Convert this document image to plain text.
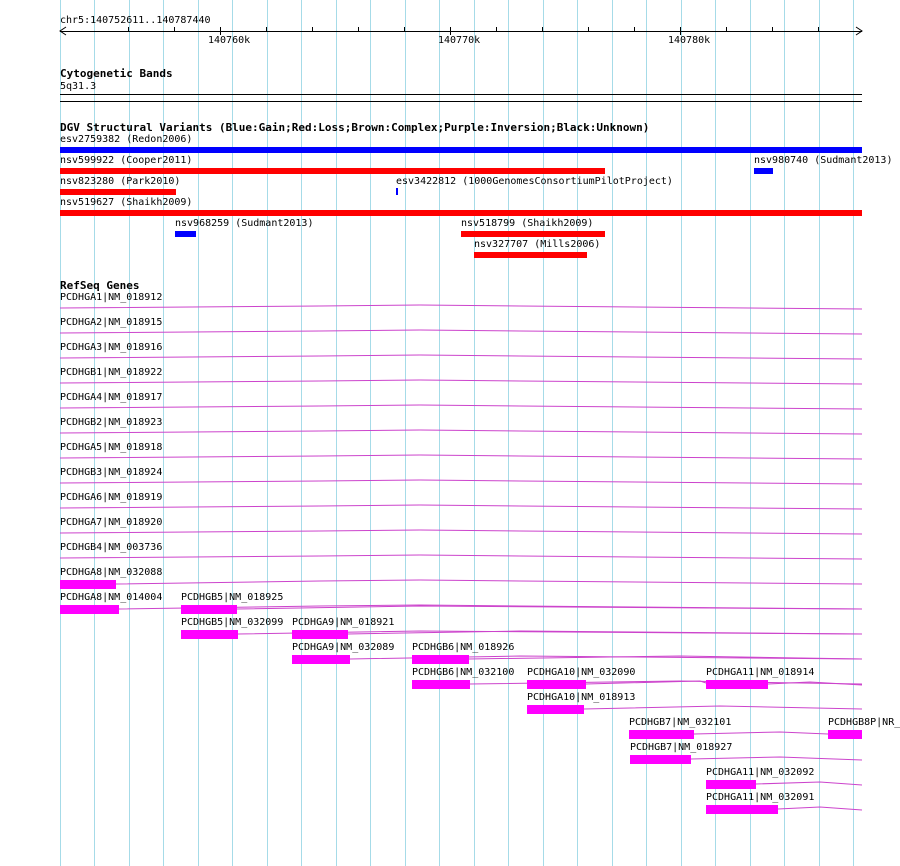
chr5:140752611..140787440
140760k	140770k	140780k
Cytogenetic Bands
5q31.3
DGV Structural Variants (Blue:Gain;Red:Loss;Brown:Complex;Purple:Inversion;Black:Unknown)
esv2759382 (Redon2006)
nsv599922 (Cooper2011)	nsv980740 (Sudmant2013)
nsv823280 (Park2010)	esv3422812 (1000GenomesConsortiumPilotProject)
nsv519627 (Shaikh2009)
nsv968259 (Sudmant2013)	nsv518799 (Shaikh2009)
nsv327707 (Mills2006)
RefSeq Genes
PCDHGA1|NM_018912
PCDHGA2|NM_018915
PCDHGA3|NM_018916
PCDHGB1|NM_018922
PCDHGA4|NM_018917
PCDHGB2|NM_018923
PCDHGA5|NM_018918
PCDHGB3|NM_018924
PCDHGA6|NM_018919
PCDHGA7|NM_018920
PCDHGB4|NM_003736
PCDHGA8|NM_032088
PCDHGA8|NM_014004 PCDHGB5|NM_018925
PCDHGB5|NM_032099 PCDHGA9|NM_018921
PCDHGA9|NM_032089 PCDHGB6|NM_018926
PCDHGB6|NM_032100 PCDHGA10|NM_032090	PCDHGA11|NM_018914
PCDHGA10|NM_018913
PCDHGB7|NM_032101	PCDHGB8P|NR_
PCDHGB7|NM_018927
PCDHGA11|NM_032092
PCDHGA11|NM_032091
